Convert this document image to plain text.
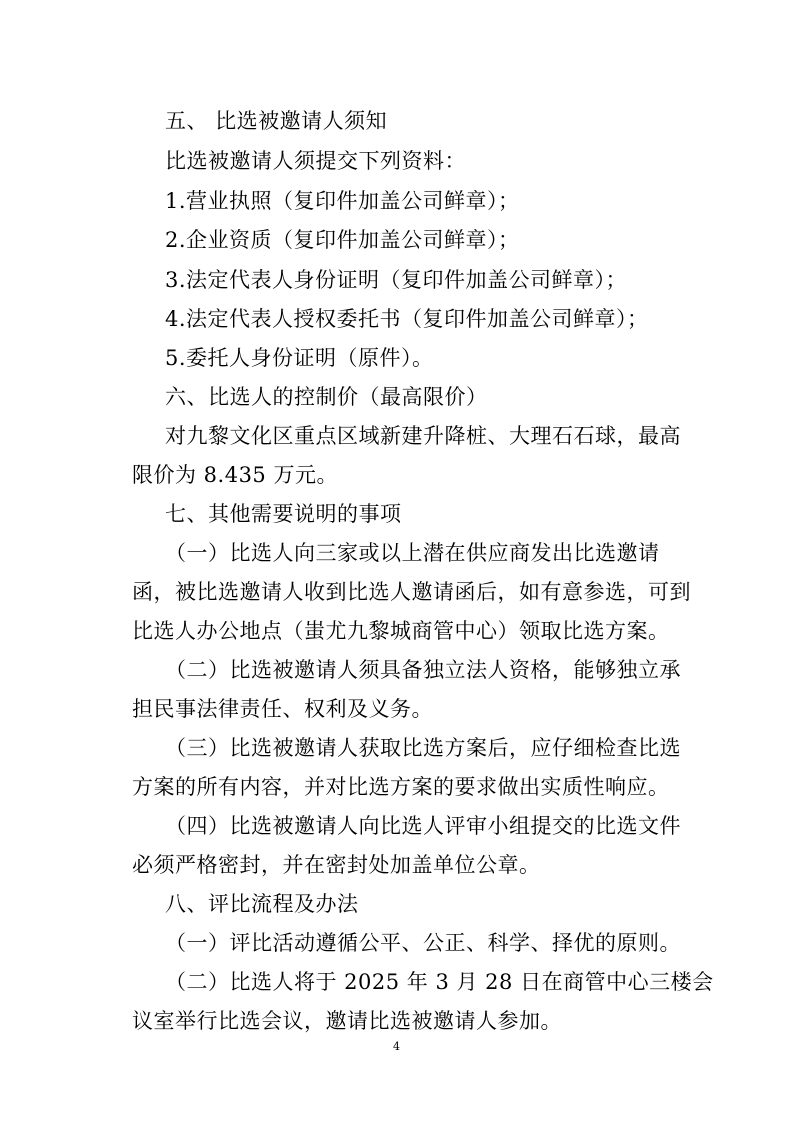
五、 比选被邀请人须知
比选被邀请人须提交下列资料：
1.营业执照（复印件加盖公司鲜章）；
2.企业资质（复印件加盖公司鲜章）；
3.法定代表人身份证明（复印件加盖公司鲜章）；
4.法定代表人授权委托书（复印件加盖公司鲜章）；
5.委托人身份证明（原件）。
六、比选人的控制价（最高限价）
对九黎文化区重点区域新建升降桩、大理石石球，最高
限价为 8.435 万元。
七、其他需要说明的事项
（一）比选人向三家或以上潜在供应商发出比选邀请
函，被比选邀请人收到比选人邀请函后，如有意参选，可到
比选人办公地点（蚩尤九黎城商管中心）领取比选方案。
（二）比选被邀请人须具备独立法人资格，能够独立承
担民事法律责任、权利及义务。
（三）比选被邀请人获取比选方案后，应仔细检查比选
方案的所有内容，并对比选方案的要求做出实质性响应。
（四）比选被邀请人向比选人评审小组提交的比选文件
必须严格密封，并在密封处加盖单位公章。
八、评比流程及办法
（一）评比活动遵循公平、公正、科学、择优的原则。
（二）比选人将于 2025 年 3 月 28 日在商管中心三楼会
议室举行比选会议，邀请比选被邀请人参加。
4
